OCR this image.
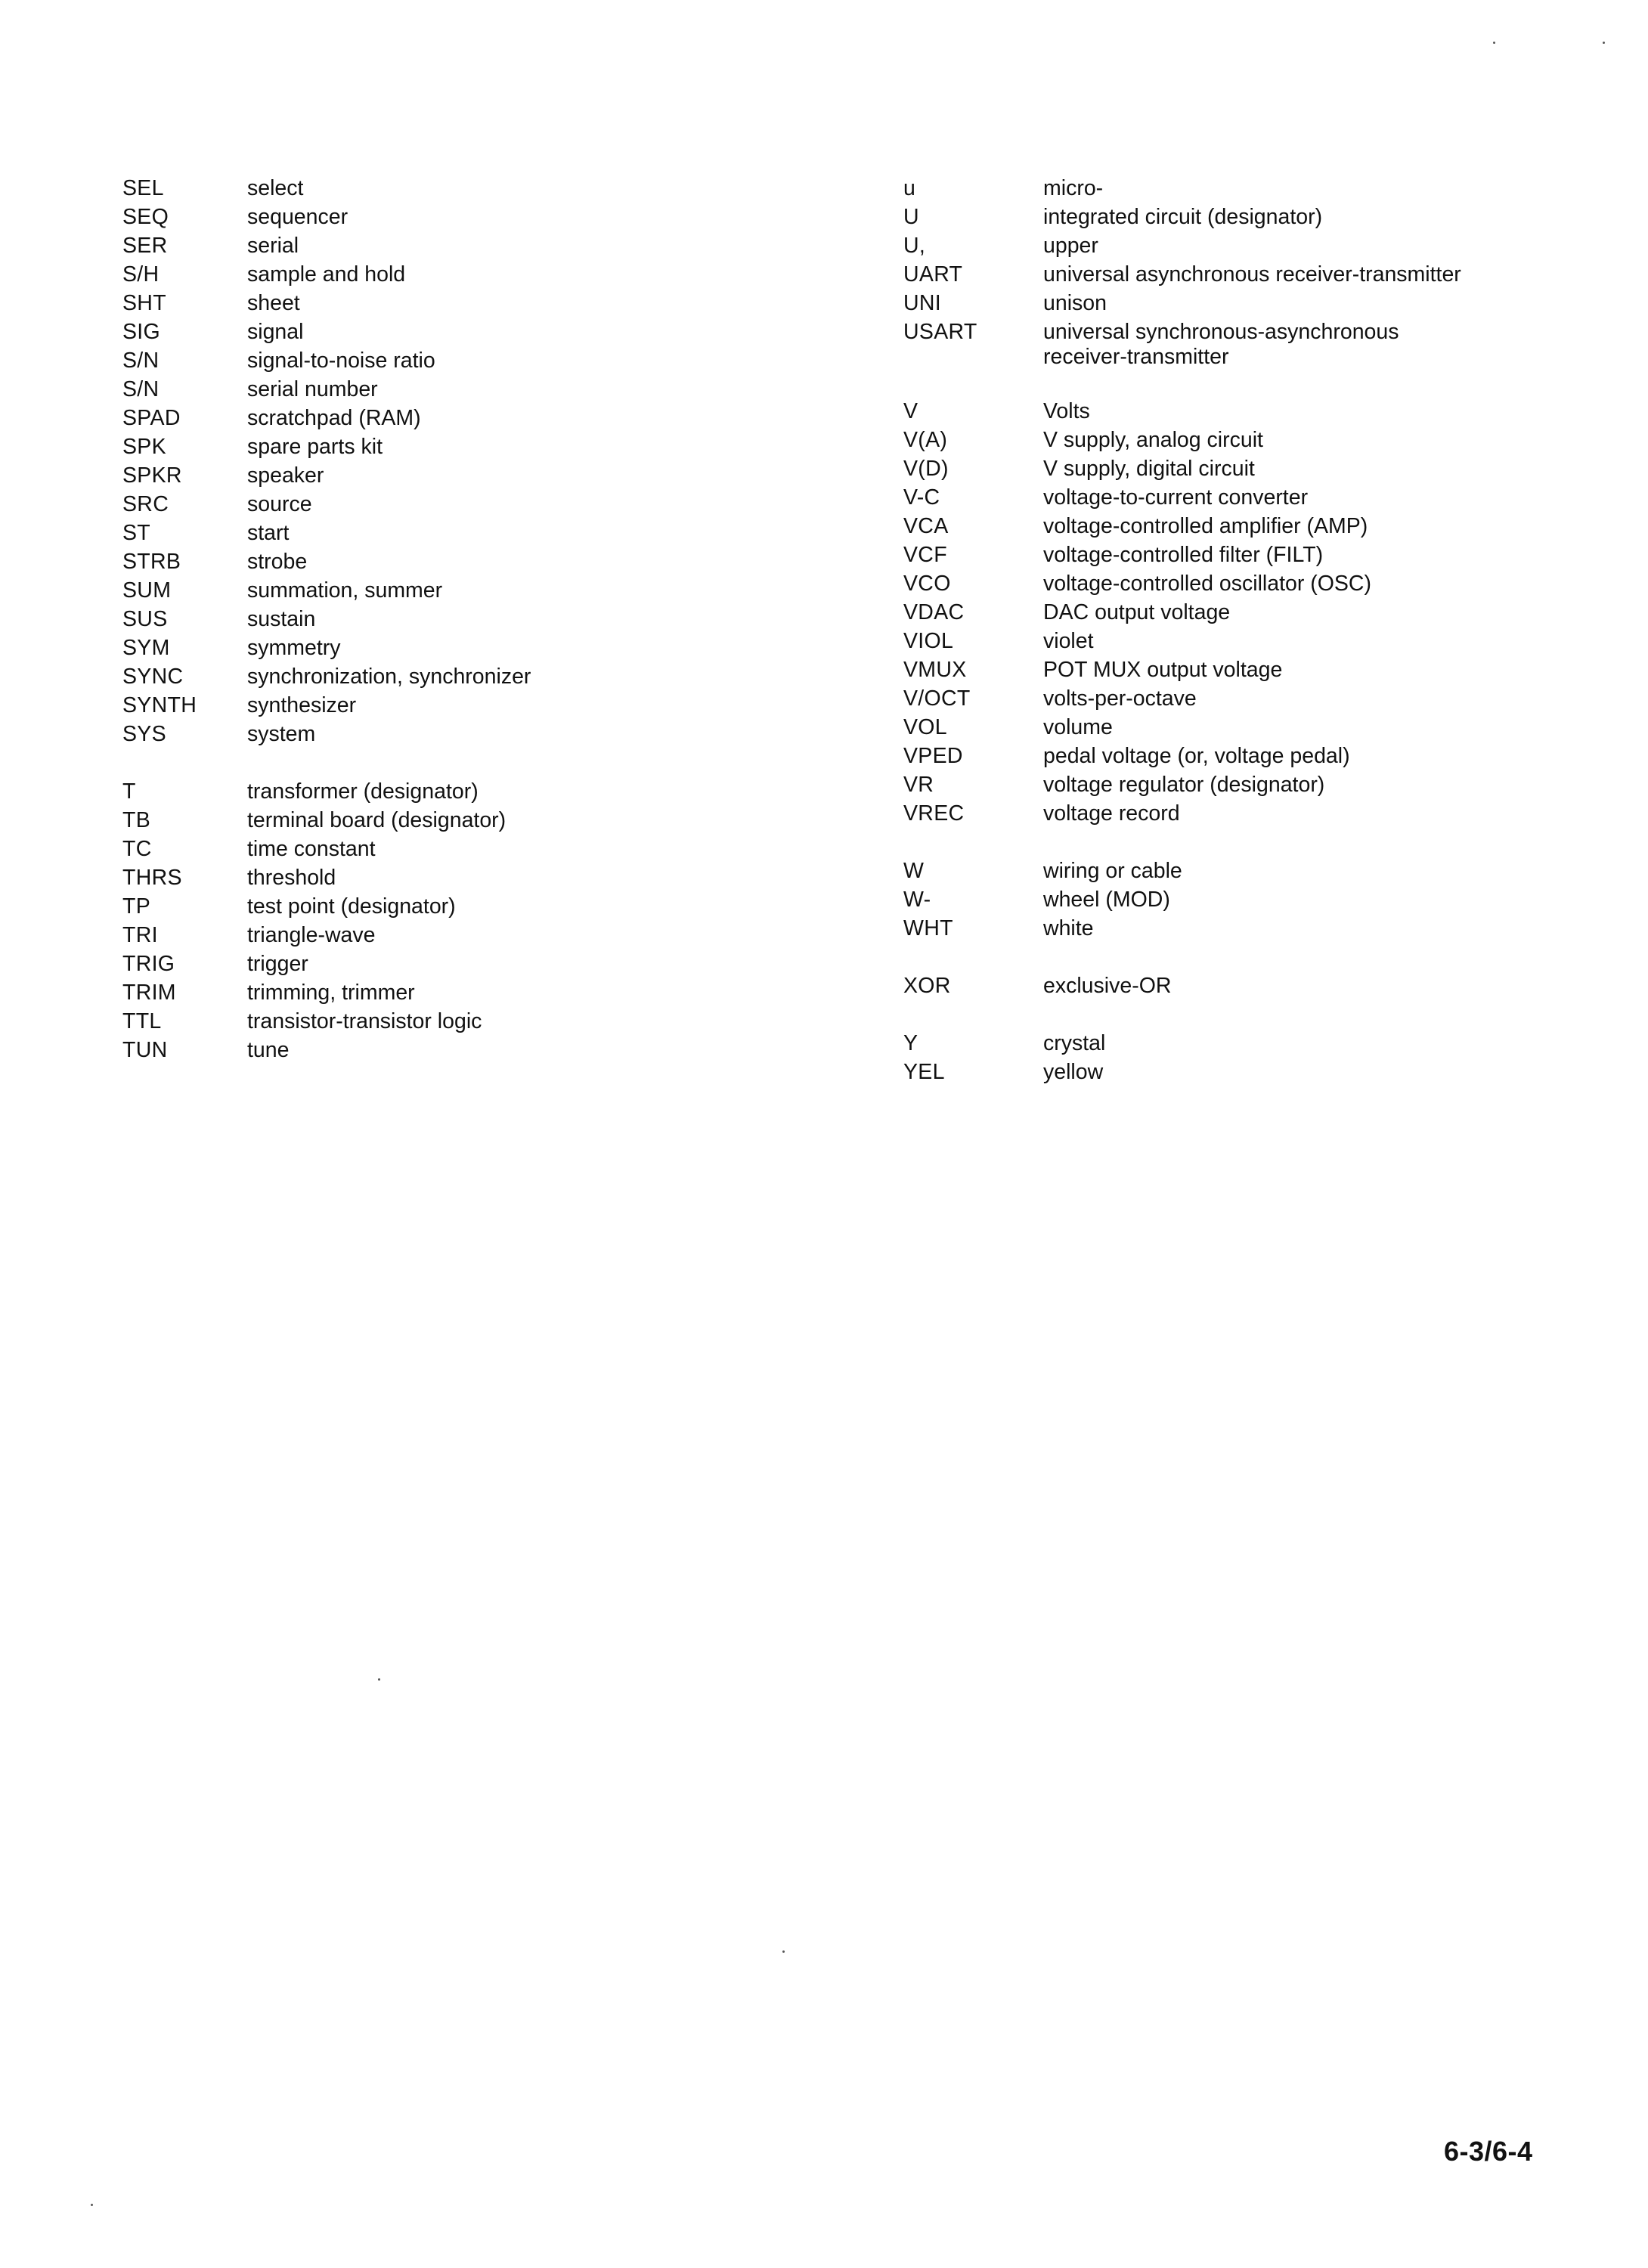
SEL	select
SEQ	sequencer
SER	serial
S/H	sample and hold
SHT	sheet
SIG	signal
S/N	signal-to-noise ratio
S/N	serial number
SPAD	scratchpad (RAM)
SPK	spare parts kit
SPKR	speaker
SRC	source
ST	start
STRB	strobe
SUM	summation, summer
SUS	sustain
SYM	symmetry
SYNC	synchronization, synchronizer
SYNTH	synthesizer
SYS	system
T	transformer (designator)
TB	terminal board (designator)
TC	time constant
THRS	threshold
TP	test point (designator)
TRI	triangle-wave
TRIG	trigger
TRIM	trimming, trimmer
TTL	transistor-transistor logic
TUN	tune
u	micro-
U	integrated circuit (designator)
U,	upper
UART	universal asynchronous receiver-transmitter
UNI	unison
USART	universal synchronous-asynchronous
receiver-transmitter
V	Volts
V(A)	V supply, analog circuit
V(D)	V supply, digital circuit
V-C	voltage-to-current converter
VCA	voltage-controlled amplifier (AMP)
VCF	voltage-controlled filter (FILT)
VCO	voltage-controlled oscillator (OSC)
VDAC	DAC output voltage
VIOL	violet
VMUX	POT MUX output voltage
V/OCT	volts-per-octave
VOL	volume
VPED	pedal voltage (or, voltage pedal)
VR	voltage regulator (designator)
VREC	voltage record
W	wiring or cable
W-	wheel (MOD)
WHT	white
XOR	exclusive-OR
Y	crystal
YEL	yellow
6-3/6-4
